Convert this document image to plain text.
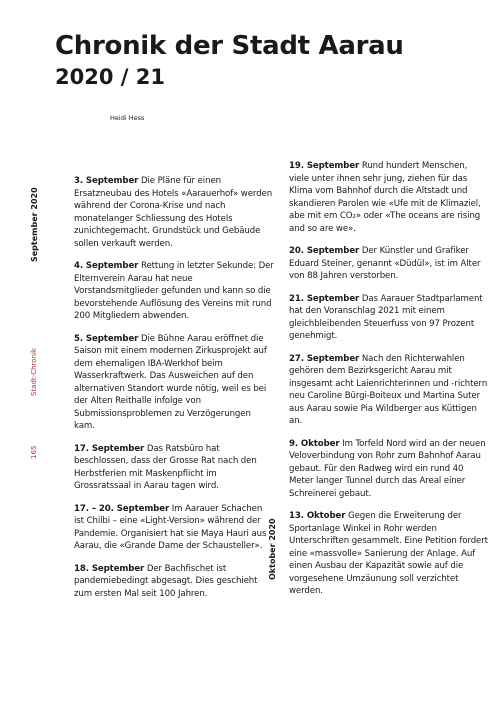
Chronik der Stadt Aarau
2020 / 21
Heidi Hess
September 2020
Stadt-Chronik
165
Oktober 2020

3. September Die Pläne für einen Ersatzneubau des Hotels «Aarauerhof» werden während der Corona-Krise und nach monatelanger Schliessung des Hotels zunichtegemacht. Grundstück und Gebäude sollen verkauft werden.

4. September Rettung in letzter Sekunde: Der Elternverein Aarau hat neue Vorstandsmitglieder gefunden und kann so die bevorstehende Auflösung des Vereins mit rund 200 Mitgliedern abwenden.

5. September Die Bühne Aarau eröffnet die Saison mit einem modernen Zirkusprojekt auf dem ehemaligen IBA-Werkhof beim Wasserkraftwerk. Das Ausweichen auf den alternativen Standort wurde nötig, weil es bei der Alten Reithalle infolge von Submissionsproblemen zu Verzögerungen kam.

17. September Das Ratsbüro hat beschlossen, dass der Grosse Rat nach den Herbstferien mit Maskenpflicht im Grossratssaal in Aarau tagen wird.

17. – 20. September Im Aarauer Schachen ist Chilbi – eine «Light-Version» während der Pandemie. Organisiert hat sie Maya Hauri aus Aarau, die «Grande Dame der Schausteller».

18. September Der Bachfischet ist pandemiebedingt abgesagt. Dies geschieht zum ersten Mal seit 100 Jahren.

19. September Rund hundert Menschen, viele unter ihnen sehr jung, ziehen für das Klima vom Bahnhof durch die Altstadt und skandieren Parolen wie «Ufe mit de Klimaziel, abe mit em CO₂» oder «The oceans are rising and so are we».

20. September Der Künstler und Grafiker Eduard Steiner, genannt «Düdül», ist im Alter von 88 Jahren verstorben.

21. September Das Aarauer Stadtparlament hat den Voranschlag 2021 mit einem gleichbleibenden Steuerfuss von 97 Prozent genehmigt.

27. September Nach den Richterwahlen gehören dem Bezirksgericht Aarau mit insgesamt acht Laienrichterinnen und -richtern neu Caroline Bürgi-Boiteux und Martina Suter aus Aarau sowie Pia Wildberger aus Küttigen an.

9. Oktober Im Torfeld Nord wird an der neuen Veloverbindung von Rohr zum Bahnhof Aarau gebaut. Für den Radweg wird ein rund 40 Meter langer Tunnel durch das Areal einer Schreinerei gebaut.

13. Oktober Gegen die Erweiterung der Sportanlage Winkel in Rohr werden Unterschriften gesammelt. Eine Petition fordert eine «massvolle» Sanierung der Anlage. Auf einen Ausbau der Kapazität sowie auf die vorgesehene Umzäunung soll verzichtet werden.
